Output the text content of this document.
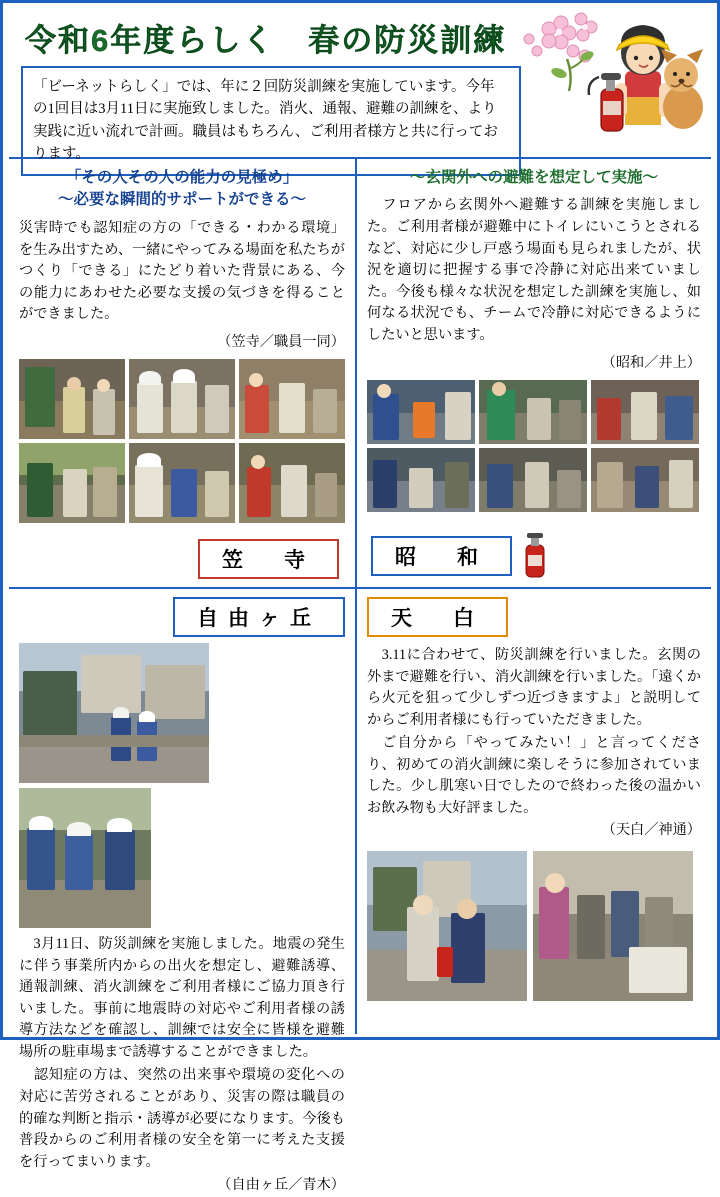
令和6年度らしく　春の防災訓練
「ビーネットらしく」では、年に２回防災訓練を実施しています。今年の1回目は3月11日に実施致しました。消火、通報、避難の訓練を、より実践に近い流れで計画。職員はもちろん、ご利用者様方と共に行っております。
「その人その人の能力の見極め」
〜必要な瞬間的サポートができる〜
災害時でも認知症の方の「できる・わかる環境」を生み出すため、一緒にやってみる場面を私たちがつくり「できる」にたどり着いた背景にある、今の能力にあわせた必要な支援の気づきを得ることができました。
（笠寺／職員一同）
笠　寺
〜玄関外への避難を想定して実施〜
　フロアから玄関外へ避難する訓練を実施しました。ご利用者様が避難中にトイレにいこうとされるなど、対応に少し戸惑う場面も見られましたが、状況を適切に把握する事で冷静に対応出来ていました。今後も様々な状況を想定した訓練を実施し、如何なる状況でも、チームで冷静に対応できるようにしたいと思います。
（昭和／井上）
昭　和
自由ヶ丘
　3月11日、防災訓練を実施しました。地震の発生に伴う事業所内からの出火を想定し、避難誘導、通報訓練、消火訓練をご利用者様にご協力頂き行いました。事前に地震時の対応やご利用者様の誘導方法などを確認し、訓練では安全に皆様を避難場所の駐車場まで誘導することができました。
　認知症の方は、突然の出来事や環境の変化への対応に苦労されることがあり、災害の際は職員の的確な判断と指示・誘導が必要になります。今後も普段からのご利用者様の安全を第一に考えた支援を行ってまいります。
（自由ヶ丘／青木）
天　白
　3.11に合わせて、防災訓練を行いました。玄関の外まで避難を行い、消火訓練を行いました。「遠くから火元を狙って少しずつ近づきますよ」と説明してからご利用者様にも行っていただきました。
　ご自分から「やってみたい！」と言ってくださり、初めての消火訓練に楽しそうに参加されていました。少し肌寒い日でしたので終わった後の温かいお飲み物も大好評ました。
（天白／神通）
